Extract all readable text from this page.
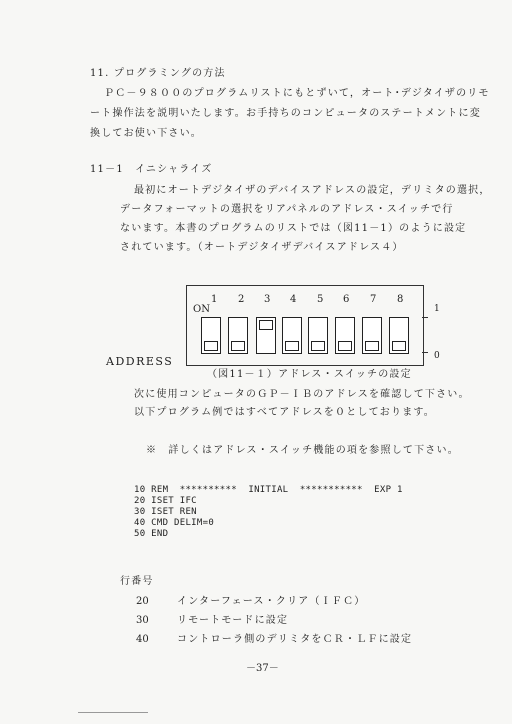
11. プログラミングの方法
ＰＣ－９８００のプログラムリストにもとずいて，オート･デジタイザのリモ
ート操作法を説明いたします。お手持ちのコンピュータのステートメントに変
換してお使い下さい。
11－1　イニシャライズ
最初にオートデジタイザのデバイスアドレスの設定，デリミタの選択，
データフォーマットの選択をリアパネルのアドレス・スイッチで行
ないます。本書のプログラムのリストでは（図11－1）のように設定
されています。（オートデジタイザデバイスアドレス４）
1 2 3 4 5 6 7 8
ON	1
0
ADDRESS
（図11－１）アドレス・スイッチの設定
次に使用コンピュータのＧＰ－ＩＢのアドレスを確認して下さい。
以下プログラム例ではすべてアドレスを０としております。
※　詳しくはアドレス・スイッチ機能の項を参照して下さい。
10 REM  **********  INITIAL  ***********  EXP 1
20 ISET IFC
30 ISET REN
40 CMD DELIM=0
50 END
行番号
20	インターフェース・クリア（ＩＦＣ）
30	リモートモードに設定
40	コントローラ側のデリミタをＣＲ・ＬＦに設定
－37－
